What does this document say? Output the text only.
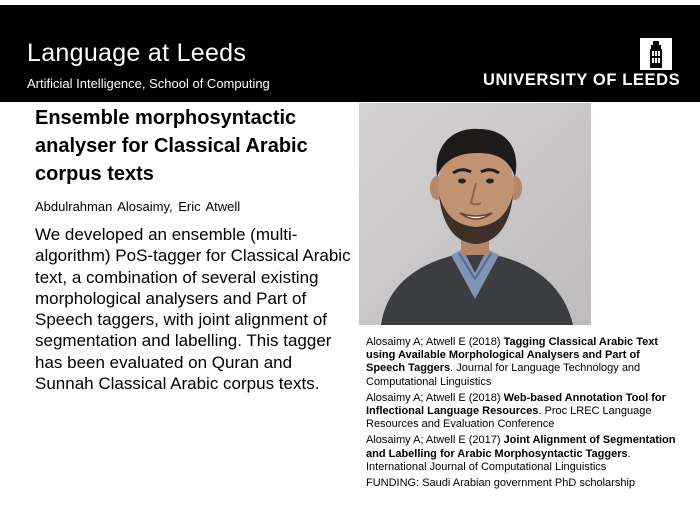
Language at Leeds
Artificial Intelligence, School of Computing	UNIVERSITY OF LEEDS
Ensemble morphosyntactic analyser for Classical Arabic corpus texts
Abdulrahman Alosaimy, Eric Atwell
We developed an ensemble (multi-algorithm) PoS-tagger for Classical Arabic text, a combination of several existing morphological analysers and Part of Speech taggers, with joint alignment of segmentation and labelling. This tagger has been evaluated on Quran and Sunnah Classical Arabic corpus texts.
Alosaimy A; Atwell E (2018) Tagging Classical Arabic Text using Available Morphological Analysers and Part of Speech Taggers. Journal for Language Technology and Computational Linguistics
Alosaimy A; Atwell E (2018) Web-based Annotation Tool for Inflectional Language Resources. Proc LREC Language Resources and Evaluation Conference
Alosaimy A; Atwell E (2017) Joint Alignment of Segmentation and Labelling for Arabic Morphosyntactic Taggers. International Journal of Computational Linguistics
FUNDING: Saudi Arabian government PhD scholarship
